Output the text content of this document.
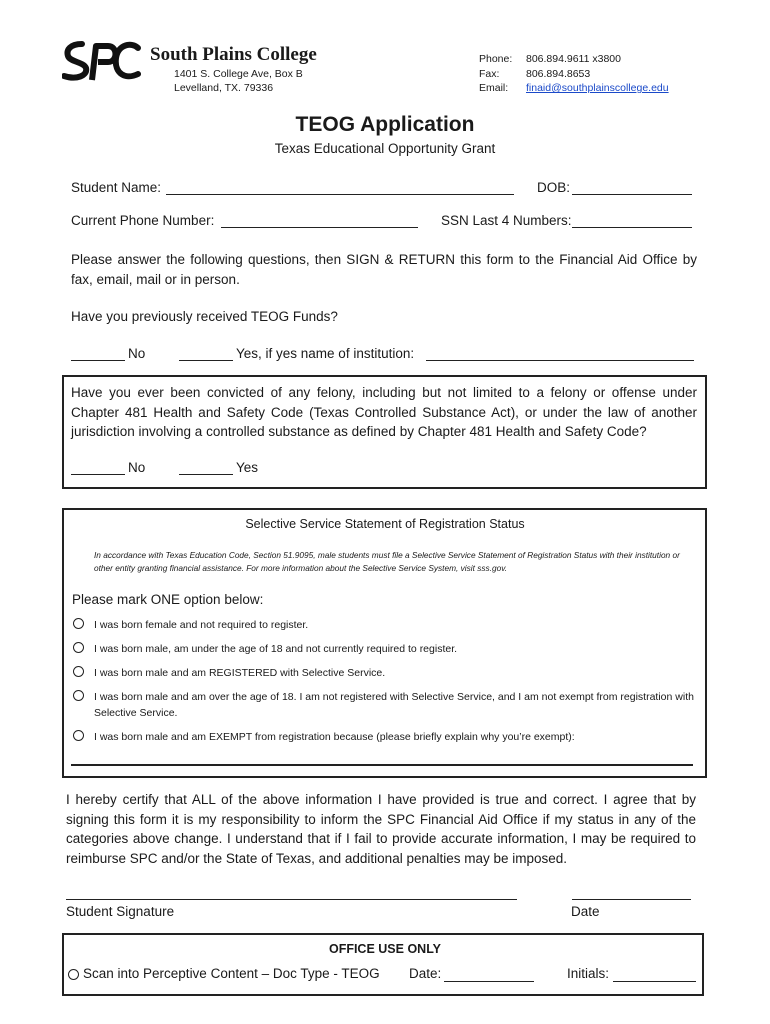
South Plains College
1401 S. College Ave, Box B
Levelland, TX. 79336
Phone: 806.894.9611 x3800
Fax:	806.894.8653
Email: finaid@southplainscollege.edu
TEOG Application
Texas Educational Opportunity Grant
Student Name:	DOB:
Current Phone Number:	SSN Last 4 Numbers:
Please answer the following questions, then SIGN & RETURN this form to the Financial Aid Office by fax, email, mail or in person.
Have you previously received TEOG Funds?
No	Yes, if yes name of institution:
Have you ever been convicted of any felony, including but not limited to a felony or offense under Chapter 481 Health and Safety Code (Texas Controlled Substance Act), or under the law of another jurisdiction involving a controlled substance as defined by Chapter 481 Health and Safety Code?
No	Yes
Selective Service Statement of Registration Status
In accordance with Texas Education Code, Section 51.9095, male students must file a Selective Service Statement of Registration Status with their institution or other entity granting financial assistance. For more information about the Selective Service System, visit sss.gov.
Please mark ONE option below:
I was born female and not required to register.
I was born male, am under the age of 18 and not currently required to register.
I was born male and am REGISTERED with Selective Service.
I was born male and am over the age of 18. I am not registered with Selective Service, and I am not exempt from registration with Selective Service.
I was born male and am EXEMPT from registration because (please briefly explain why you’re exempt):
I hereby certify that ALL of the above information I have provided is true and correct. I agree that by signing this form it is my responsibility to inform the SPC Financial Aid Office if my status in any of the categories above change. I understand that if I fail to provide accurate information, I may be required to reimburse SPC and/or the State of Texas, and additional penalties may be imposed.
Student Signature	Date
OFFICE USE ONLY
Scan into Perceptive Content – Doc Type - TEOG Date:	Initials:
